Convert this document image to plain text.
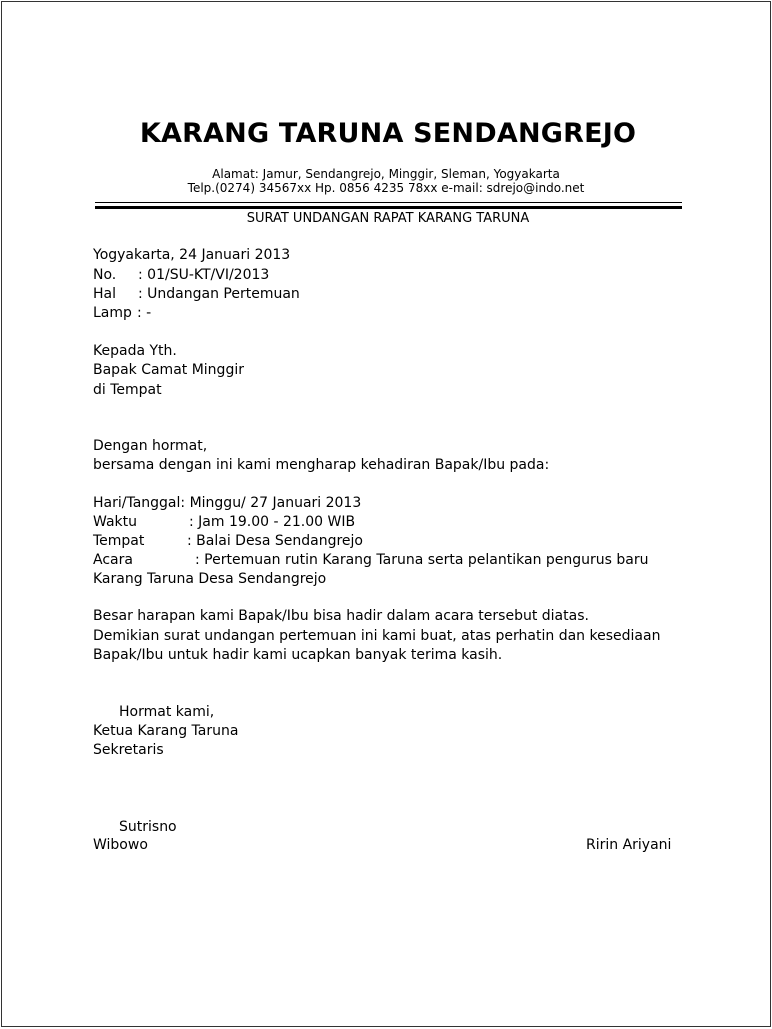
KARANG TARUNA SENDANGREJO
Alamat: Jamur, Sendangrejo, Minggir, Sleman, Yogyakarta
Telp.(0274) 34567xx Hp. 0856 4235 78xx e-mail: sdrejo@indo.net
SURAT UNDANGAN RAPAT KARANG TARUNA
Yogyakarta, 24 Januari 2013
No. : 01/SU-KT/VI/2013
Hal : Undangan Pertemuan
Lamp : -
Kepada Yth.
Bapak Camat Minggir
di Tempat
Dengan hormat,
bersama dengan ini kami mengharap kehadiran Bapak/Ibu pada:
Hari/Tanggal: Minggu/ 27 Januari 2013
Waktu	: Jam 19.00 - 21.00 WIB
Tempat	: Balai Desa Sendangrejo
Acara	: Pertemuan rutin Karang Taruna serta pelantikan pengurus baru
Karang Taruna Desa Sendangrejo
Besar harapan kami Bapak/Ibu bisa hadir dalam acara tersebut diatas.
Demikian surat undangan pertemuan ini kami buat, atas perhatin dan kesediaan
Bapak/Ibu untuk hadir kami ucapkan banyak terima kasih.
Hormat kami,
Ketua Karang Taruna
Sekretaris
Sutrisno
Wibowo	Ririn Ariyani
